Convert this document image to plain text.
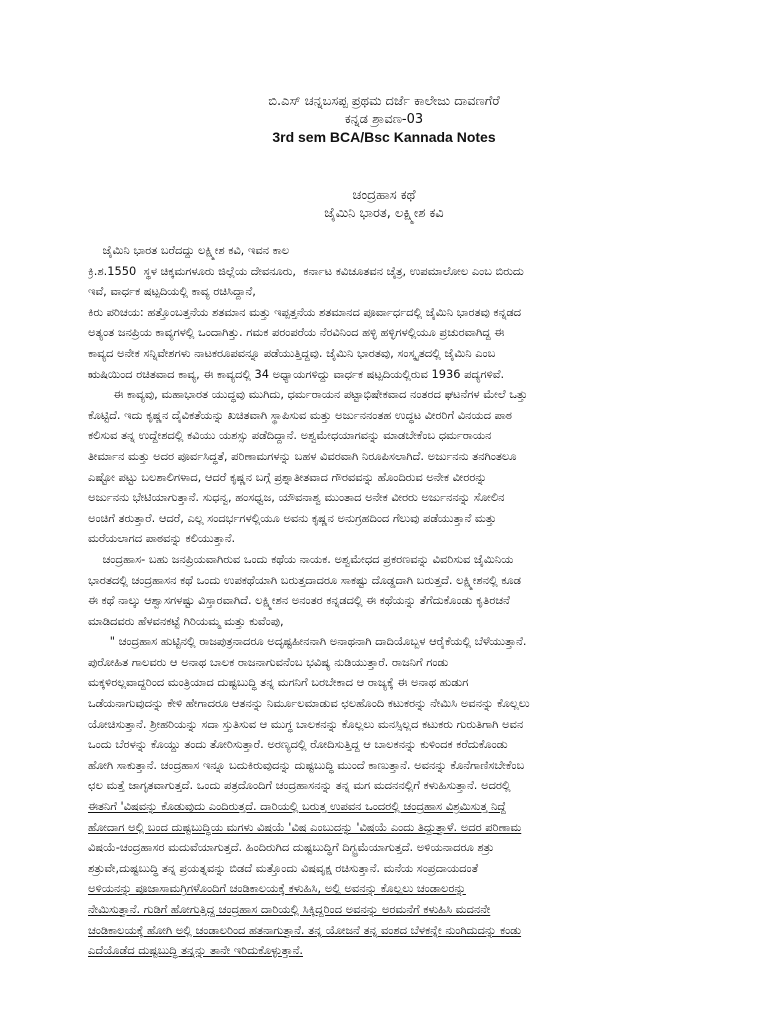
ಬಿ.ಎಸ್ ಚನ್ನಬಸಪ್ಪ ಪ್ರಥಮ ದರ್ಜೆ ಕಾಲೇಜು ದಾವಣಗೆರೆ
ಕನ್ನಡ ಶ್ರಾವಣ-03
3rd sem BCA/Bsc Kannada Notes
ಚಂದ್ರಹಾಸ ಕಥೆ
ಜೈಮಿನಿ ಭಾರತ, ಲಕ್ಷ್ಮೀಶ ಕವಿ
ಜೈಮಿನಿ ಭಾರತ ಬರೆದದ್ದು ಲಕ್ಷ್ಮೀಶ ಕವಿ, ಇವನ ಕಾಲ
ಕ್ರಿ.ಶ.1550  ಸ್ಥಳ ಚಿಕ್ಕಮಗಳೂರು ಜಿಲ್ಲೆಯ ದೇವನೂರು,  ಕರ್ನಾಟ ಕವಿಚೂತವನ ಚೈತ್ರ, ಉಪಮಾಲೋಲ ಎಂಬ ಬಿರುದು
ಇವೆ, ವಾರ್ಧಕ ಷಟ್ಪದಿಯಲ್ಲಿ ಕಾವ್ಯ ರಚಿಸಿದ್ದಾನೆ,
ಕಿರು ಪರಿಚಯ: ಹತ್ತೊಂಬತ್ತನೆಯ ಶತಮಾನ ಮತ್ತು ಇಪ್ಪತ್ತನೆಯ ಶತಮಾನದ ಪೂರ್ವಾರ್ಧದಲ್ಲಿ ಜೈಮಿನಿ ಭಾರತವು ಕನ್ನಡದ
ಅತ್ಯಂತ ಜನಪ್ರಿಯ ಕಾವ್ಯಗಳಲ್ಲಿ ಒಂದಾಗಿತ್ತು. ಗಮಕ ಪರಂಪರೆಯ ನೆರವಿನಿಂದ ಹಳ್ಳಿ ಹಳ್ಳಿಗಳಲ್ಲಿಯೂ ಪ್ರಚುರವಾಗಿದ್ದ ಈ
ಕಾವ್ಯದ ಅನೇಕ ಸನ್ನಿವೇಶಗಳು ನಾಟಕರೂಪವನ್ನೂ ಪಡೆಯುತ್ತಿದ್ದವು. ಜೈಮಿನಿ ಭಾರತವು, ಸಂಸ್ಕೃತದಲ್ಲಿ ಜೈಮಿನಿ ಎಂಬ
ಋಷಿಯಿಂದ ರಚಿತವಾದ ಕಾವ್ಯ, ಈ ಕಾವ್ಯದಲ್ಲಿ 34 ಅಧ್ಯಾಯಗಳಿದ್ದು ವಾರ್ಧಕ ಷಟ್ಪದಿಯಲ್ಲಿರುವ 1936 ಪದ್ಯಗಳಿವೆ.
ಈ ಕಾವ್ಯವು, ಮಹಾಭಾರತ ಯುದ್ಧವು ಮುಗಿದು, ಧರ್ಮರಾಯನ ಪಟ್ಟಾಭಿಷೇಕವಾದ ನಂತರದ ಘಟನೆಗಳ ಮೇಲೆ ಒತ್ತು
ಕೊಟ್ಟಿದೆ. ಇದು ಕೃಷ್ಣನ ದೈವಿಕತೆಯನ್ನು ಖಚಿತವಾಗಿ ಸ್ಥಾಪಿಸುವ ಮತ್ತು ಅರ್ಜುನನಂತಹ ಉದ್ಧಟ ವೀರರಿಗೆ ವಿನಯದ ಪಾಠ
ಕಲಿಸುವ ತನ್ನ ಉದ್ದೇಶದಲ್ಲಿ ಕವಿಯು ಯಶಸ್ಸು ಪಡೆದಿದ್ದಾನೆ. ಅಶ್ವಮೇಧಯಾಗವನ್ನು ಮಾಡಬೇಕೆಂಬ ಧರ್ಮರಾಯನ
ತೀರ್ಮಾನ ಮತ್ತು ಅದರ ಪೂರ್ವಸಿದ್ಧತೆ, ಪರಿಣಾಮಗಳನ್ನು ಬಹಳ ವಿವರವಾಗಿ ನಿರೂಪಿಸಲಾಗಿದೆ. ಅರ್ಜುನನು ತನಗಿಂತಲೂ
ಎಷ್ಟೋ ಪಟ್ಟು ಬಲಶಾಲಿಗಳಾದ, ಆದರೆ ಕೃಷ್ಣನ ಬಗ್ಗೆ ಪ್ರಶ್ನಾತೀತವಾದ ಗೌರವವನ್ನು ಹೊಂದಿರುವ ಅನೇಕ ವೀರರನ್ನು
ಅರ್ಜುನನು ಭೇಟಿಯಾಗುತ್ತಾನೆ. ಸುಧನ್ವ, ಹಂಸಧ್ವಜ, ಯೌವನಾಶ್ವ ಮುಂತಾದ ಅನೇಕ ವೀರರು ಅರ್ಜುನನನ್ನು ಸೋಲಿನ
ಅಂಚಿಗೆ ತರುತ್ತಾರೆ. ಆದರೆ, ಎಲ್ಲ ಸಂದರ್ಭಗಳಲ್ಲಿಯೂ ಅವನು ಕೃಷ್ಣನ ಅನುಗ್ರಹದಿಂದ ಗೆಲುವು ಪಡೆಯುತ್ತಾನೆ ಮತ್ತು
ಮರೆಯಲಾಗದ ಪಾಠವನ್ನು ಕಲಿಯುತ್ತಾನೆ.
ಚಂದ್ರಹಾಸ- ಬಹು ಜನಪ್ರಿಯವಾಗಿರುವ ಒಂದು ಕಥೆಯ ನಾಯಕ. ಅಶ್ವಮೇಧದ ಪ್ರಕರಣವನ್ನು ವಿವರಿಸುವ ಜೈಮಿನಿಯ
ಭಾರತದಲ್ಲಿ ಚಂದ್ರಹಾಸನ ಕಥೆ ಒಂದು ಉಪಕಥೆಯಾಗಿ ಬರುತ್ತದಾದರೂ ಸಾಕಷ್ಟು ದೊಡ್ಡದಾಗಿ ಬರುತ್ತದೆ. ಲಕ್ಷ್ಮೀಶನಲ್ಲಿ ಕೂಡ
ಈ ಕಥೆ ನಾಲ್ಕು ಆಶ್ವಾಸಗಳಷ್ಟು ವಿಸ್ತಾರವಾಗಿದೆ. ಲಕ್ಷ್ಮೀಶನ ಅನಂತರ ಕನ್ನಡದಲ್ಲಿ ಈ ಕಥೆಯನ್ನು ತೆಗೆದುಕೊಂಡು ಕೃತಿರಚನೆ
ಮಾಡಿದವರು ಹೆಳವನಕಟ್ಟೆ ಗಿರಿಯಮ್ಮ ಮತ್ತು ಕುವೆಂಪು,
" ಚಂದ್ರಹಾಸ ಹುಟ್ಟಿನಲ್ಲಿ ರಾಜಪುತ್ರನಾದರೂ ಅದೃಷ್ಟಹೀನನಾಗಿ ಅನಾಥನಾಗಿ ದಾದಿಯೊಬ್ಬಳ ಆರೈಕೆಯಲ್ಲಿ ಬೆಳೆಯುತ್ತಾನೆ.
ಪುರೋಹಿತ ಗಾಲವರು ಆ ಅನಾಥ ಬಾಲಕ ರಾಜನಾಗುವನೆಂಬ ಭವಿಷ್ಯ ನುಡಿಯುತ್ತಾರೆ. ರಾಜನಿಗೆ ಗಂಡು
ಮಕ್ಕಳಿರಲ್ಲವಾದ್ದರಿಂದ ಮಂತ್ರಿಯಾದ ದುಷ್ಟಬುದ್ಧಿ ತನ್ನ ಮಗನಿಗೆ ಬರಬೇಕಾದ ಆ ರಾಜ್ಯಕ್ಕೆ ಈ ಅನಾಥ ಹುಡುಗ
ಒಡೆಯನಾಗುವುದನ್ನು ಕೇಳಿ ಹೇಗಾದರೂ ಆತನನ್ನು ನಿರ್ಮೂಲಮಾಡುವ ಛಲಹೊಂದಿ ಕಟುಕರನ್ನು ನೇಮಿಸಿ ಅವನನ್ನು ಕೊಲ್ಲಲು
ಯೋಚಿಸುತ್ತಾನೆ. ಶ್ರೀಹರಿಯನ್ನು ಸದಾ ಸ್ತುತಿಸುವ ಆ ಮುಗ್ಧ ಬಾಲಕನನ್ನು ಕೊಲ್ಲಲು ಮನಸ್ಸಿಲ್ಲದ ಕಟುಕರು ಗುರುತಿಗಾಗಿ ಅವನ
ಒಂದು ಬೆರಳನ್ನು ಕೊಯ್ದು ತಂದು ತೋರಿಸುತ್ತಾರೆ. ಅರಣ್ಯದಲ್ಲಿ ರೋದಿಸುತ್ತಿದ್ದ ಆ ಬಾಲಕನನ್ನು ಕುಳಿಂದಕ ಕರೆದುಕೊಂಡು
ಹೋಗಿ ಸಾಕುತ್ತಾನೆ. ಚಂದ್ರಹಾಸ ಇನ್ನೂ ಬದುಕಿರುವುದನ್ನು ದುಷ್ಟಬುದ್ಧಿ ಮುಂದೆ ಕಾಣುತ್ತಾನೆ. ಅವನನ್ನು ಕೊನೆಗಾಣಿಸಬೇಕೆಂಬ
ಛಲ ಮತ್ತೆ ಜಾಗೃತವಾಗುತ್ತದೆ. ಒಂದು ಪತ್ರದೊಂದಿಗೆ ಚಂದ್ರಹಾಸನನ್ನು ತನ್ನ ಮಗ ಮದನನಲ್ಲಿಗೆ ಕಳುಹಿಸುತ್ತಾನೆ. ಅದರಲ್ಲಿ
ಈತನಿಗೆ 'ವಿಷವನ್ನು ಕೊಡುವುದು ಎಂದಿರುತ್ತದೆ. ದಾರಿಯಲ್ಲಿ ಬರುತ್ತ ಉಪವನ ಒಂದರಲ್ಲಿ ಚಂದ್ರಹಾಸ ವಿಶ್ರಮಿಸುತ್ತ ನಿದ್ದೆ
ಹೋದಾಗ ಅಲ್ಲಿ ಬಂದ ದುಷ್ಟಬುದ್ಧಿಯ ಮಗಳು ವಿಷಯೆ 'ವಿಷ ಎಂಬುದನ್ನು 'ವಿಷಯೆ ಎಂದು ತಿದ್ದುತ್ತಾಳೆ. ಅದರ ಪರಿಣಾಮ
ವಿಷಯೆ-ಚಂದ್ರಹಾಸರ ಮದುವೆಯಾಗುತ್ತದೆ. ಹಿಂದಿರುಗಿದ ದುಷ್ಟಬುದ್ಧಿಗೆ ದಿಗ್ಭ್ರಮೆಯಾಗುತ್ತದೆ. ಅಳಿಯನಾದರೂ ಶತ್ರು
ಶತ್ರುವೇ,ದುಷ್ಟಬುದ್ಧಿ ತನ್ನ ಪ್ರಯತ್ನವನ್ನು ಬಿಡದೆ ಮತ್ತೊಂದು ವಿಷವೃಕ್ಷ ರಚಿಸುತ್ತಾನೆ. ಮನೆಯ ಸಂಪ್ರದಾಯದಂತೆ
ಅಳಿಯನನ್ನು ಪೂಜಾಸಾಮಗ್ರಿಗಳೊಂದಿಗೆ ಚಂಡಿಕಾಲಯಕ್ಕೆ ಕಳುಹಿಸಿ, ಅಲ್ಲಿ ಅವನನ್ನು ಕೊಲ್ಲಲು ಚಂಡಾಲರನ್ನು
ನೇಮಿಸುತ್ತಾನೆ. ಗುಡಿಗೆ ಹೋಗುತ್ತಿದ್ದ ಚಂದ್ರಹಾಸ ದಾರಿಯಲ್ಲಿ ಸಿಕ್ಕಿದ್ದರಿಂದ ಅವನನ್ನು ಅರಮನೆಗೆ ಕಳುಹಿಸಿ ಮದನನೇ
ಚಂಡಿಕಾಲಯಕ್ಕೆ ಹೋಗಿ ಅಲ್ಲಿ ಚಂಡಾಲರಿಂದ ಹತನಾಗುತ್ತಾನೆ. ತನ್ನ ಯೋಜನೆ ತನ್ನ ವಂಶದ ಬೆಳಕನ್ನೇ ನುಂಗಿದುದನ್ನು ಕಂಡು
ಎದೆಯೊಡೆದ ದುಷ್ಟಬುದ್ಧಿ ತನ್ನನ್ನು ತಾನೇ ಇರಿದುಕೊಳ್ಳುತ್ತಾನೆ.
